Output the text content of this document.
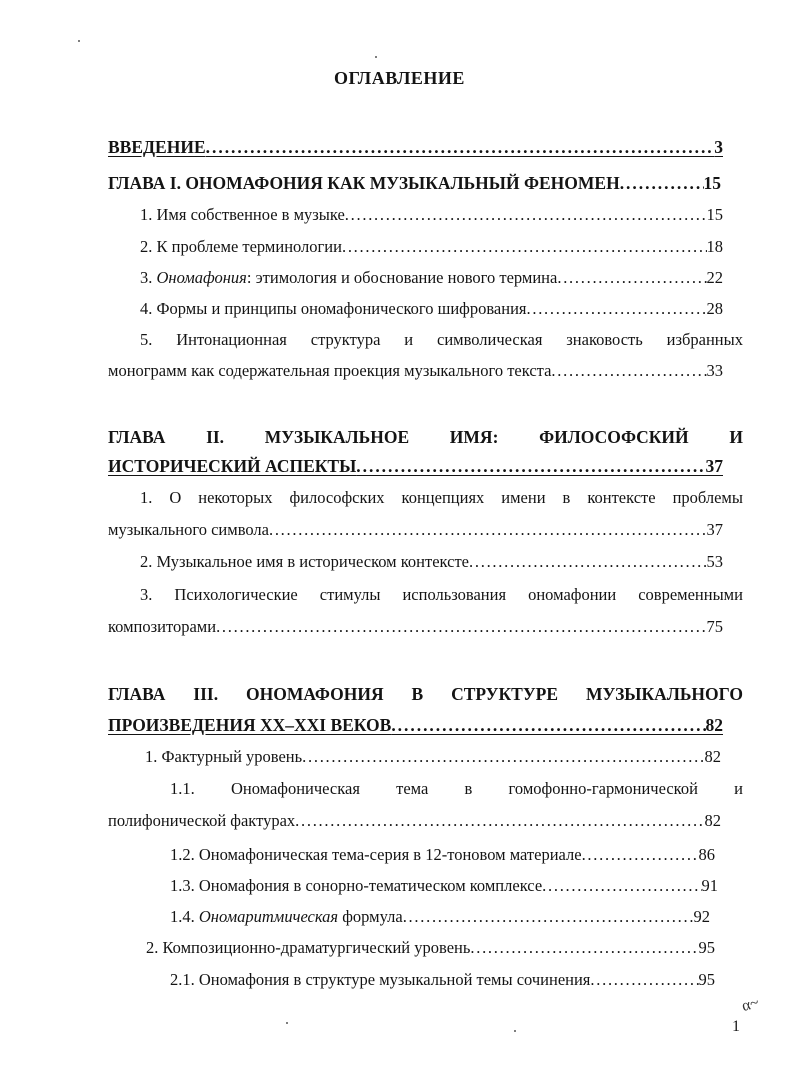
ОГЛАВЛЕНИЕ
ВВЕДЕНИЕ . . .	3
ГЛАВА I. ОНОМАФОНИЯ КАК МУЗЫКАЛЬНЫЙ ФЕНОМЕН . . .	15
1. Имя собственное в музыке . . .	15
2. К проблеме терминологии . . .	18
3. Ономафония: этимология и обоснование нового термина . . .	22
4. Формы и принципы ономафонического шифрования . . .	28
5. Интонационная структура и символическая знаковость избранных
монограмм как содержательная проекция музыкального текста . . .	33
ГЛАВА II. МУЗЫКАЛЬНОЕ ИМЯ: ФИЛОСОФСКИЙ И
ИСТОРИЧЕСКИЙ АСПЕКТЫ . . .	37
1. О некоторых философских концепциях имени в контексте проблемы
музыкального символа . . .	37
2. Музыкальное имя в историческом контексте . . .	53
3. Психологические стимулы использования ономафонии современными
композиторами . . .	75
ГЛАВА III. ОНОМАФОНИЯ В СТРУКТУРЕ МУЗЫКАЛЬНОГО
ПРОИЗВЕДЕНИЯ XX–XXI ВЕКОВ . . .	82
1. Фактурный уровень . . .	82
1.1. Ономафоническая тема в гомофонно-гармонической и
полифонической фактурах . . .	82
1.2. Ономафоническая тема-серия в 12-тоновом материале . . .	86
1.3. Ономафония в сонорно-тематическом комплексе . . .	91
1.4. Ономаритмическая формула . . .	92
2. Композиционно-драматургический уровень . . .	95
2.1. Ономафония в структуре музыкальной темы сочинения . . .	95
α~
1
